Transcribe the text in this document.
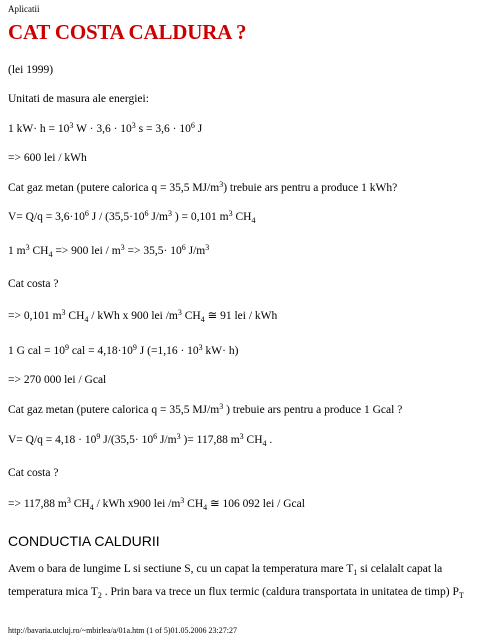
Aplicatii
CAT COSTA CALDURA ?
(lei 1999)
Unitati de masura ale energiei:
1 $kW\cdot h = 10^3$ $W \cdot 3,6 \cdot 10^3$ $s = 3,6 \cdot 10^6$ J
=> 600 lei / kWh
Cat gaz metan (putere calorica q = 35,5 $MJ/m^3$) trebuie ars pentru a produce 1 kWh?
$V= Q/q = 3,6\cdot 10^6$ $J / (35,5\cdot 10^6$ $J/m^3$ ) = 0,101 $m^3$ $CH_4$
1 $m^3$ $CH_4 => 900$ lei / $m^3 => 35,5\cdot 10^6$ $J/m^3$
Cat costa ?
=> 0,101 $m^3$ $CH_4$ / kWh x 900 lei $/m^3$ $CH_4$ ≅ 91 lei / kWh
1 G cal = $10^9$ cal = $4,18\cdot 10^9$ J ($=1,16 \cdot 10^3$ kW· h)
=> 270 000 lei / Gcal
Cat gaz metan (putere calorica q = 35,5 $MJ/m^3$ ) trebuie ars pentru a produce 1 Gcal ?
$V= Q/q = 4,18 \cdot 10^9$ $J/(35,5\cdot 10^6$ $J/m^3$ )= 117,88 $m^3$ $CH_4$ .
Cat costa ?
=> 117,88 $m^3$ $CH_4$ / kWh x900 lei $/m^3$ $CH_4$ ≅ 106 092 lei / Gcal
CONDUCTIA CALDURII
Avem o bara de lungime L si sectiune S, cu un capat la temperatura mare $T_1$ si celalalt capat la
temperatura mica $T_2$ . Prin bara va trece un flux termic (caldura transportata in unitatea de timp) $P_T$
http://bavaria.utcluj.ro/~mbirlea/a/01a.htm (1 of 5)01.05.2006 23:27:27
